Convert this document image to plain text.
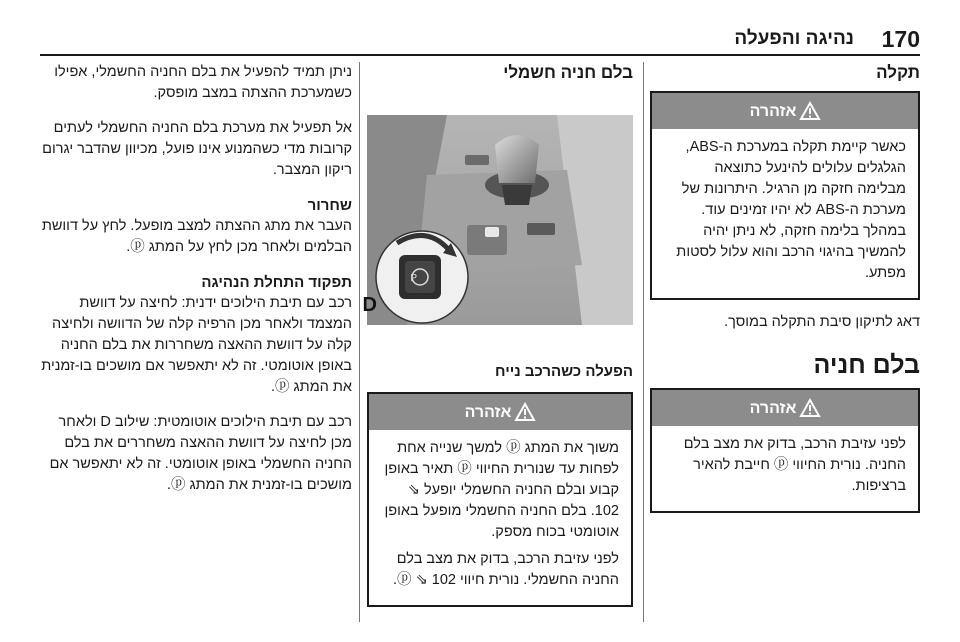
170
נהיגה והפעלה
תקלה
אזהרה

כאשר קיימת תקלה במערכת ה-ABS, הגלגלים עלולים להינעל כתוצאה מבלימה חזקה מן הרגיל. היתרונות של מערכת ה-ABS לא יהיו זמינים עוד. במהלך בלימה חזקה, לא ניתן יהיה להמשיך בהיגוי הרכב והוא עלול לסטות מפתע.

דאג לתיקון סיבת התקלה במוסך.

בלם חניה
אזהרה

לפני עזיבת הרכב, בדוק את מצב בלם החניה. נורית החיווי ⓟ חייבת להאיר ברציפות.

בלם חניה חשמלי
P
D
הפעלה כשהרכב נייח
אזהרה

משוך את המתג ⓟ למשך שנייה אחת לפחות עד שנורית החיווי ⓟ תאיר באופן קבוע ובלם החניה החשמלי יופעל ⇘ 102. בלם החניה החשמלי מופעל באופן אוטומטי בכוח מספק.

לפני עזיבת הרכב, בדוק את מצב בלם החניה החשמלי. נורית חיווי ⓟ ⇘ 102.

ניתן תמיד להפעיל את בלם החניה החשמלי, אפילו כשמערכת ההצתה במצב מופסק.

אל תפעיל את מערכת בלם החניה החשמלי לעתים קרובות מדי כשהמנוע אינו פועל, מכיוון שהדבר יגרום ריקון המצבר.

שחרור

העבר את מתג ההצתה למצב מופעל. לחץ על דוושת הבלמים ולאחר מכן לחץ על המתג ⓟ.

תפקוד התחלת הנהיגה

רכב עם תיבת הילוכים ידנית: לחיצה על דוושת המצמד ולאחר מכן הרפיה קלה של הדוושה ולחיצה קלה על דוושת ההאצה משחררות את בלם החניה באופן אוטומטי. זה לא יתאפשר אם מושכים בו-זמנית את המתג ⓟ.

רכב עם תיבת הילוכים אוטומטית: שילוב D ולאחר מכן לחיצה על דוושת ההאצה משחררים את בלם החניה החשמלי באופן אוטומטי. זה לא יתאפשר אם מושכים בו-זמנית את המתג ⓟ.
